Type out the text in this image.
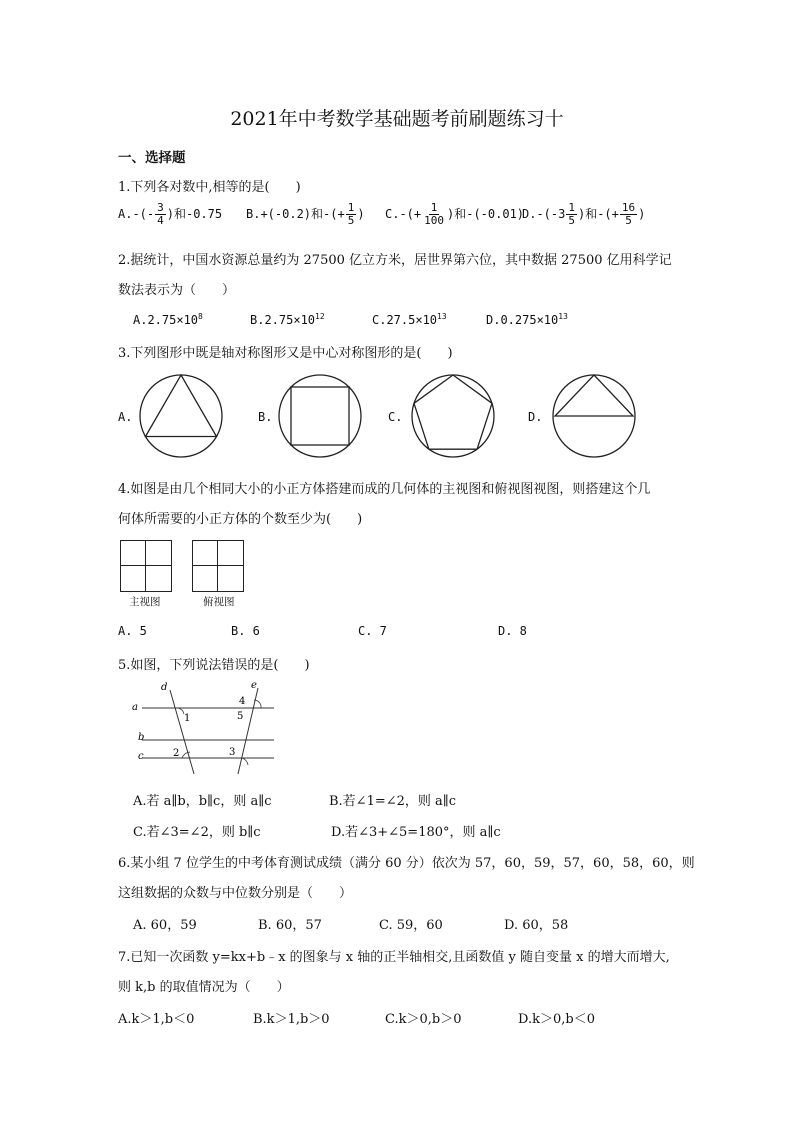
2021年中考数学基础题考前刷题练习十
一、选择题
1.下列各对数中,相等的是(　　)
$A.-(- \frac{3}{4}$ )和-0.75 B.+(-0.2)和-(+ $\frac{1}{5}$ ) $C.-(+ \frac{1}{100}$ )和-(-0.01)
$D.-(-3 \frac{1}{5}$ )和-(+ $\frac{16}{5}$ )
2.据统计，中国水资源总量约为 27500 亿立方米，居世界第六位，其中数据 27500 亿用科学记
数法表示为（　　）
$A.2.75\times 10^8$	$B.2.75\times 10^{12}$	$C.27.5\times 10^{13}$	$D.0.275\times 10^{13}$
3.下列图形中既是轴对称图形又是中心对称图形的是(　　)
A.	B.	C.	D.
4.如图是由几个相同大小的小正方体搭建而成的几何体的主视图和俯视图视图，则搭建这个几
何体所需要的小正方体的个数至少为(　　)
主视图	俯视图
A. 5	B. 6	C. 7	D. 8
5.如图，下列说法错误的是(　　)
d	e
a
b
c
1
2	3
4
5
A.若 a∥b，b∥c，则 a∥c	B.若∠1=∠2，则 a∥c
C.若∠3=∠2，则 b∥c	D.若∠3+∠5=180°，则 a∥c
6.某小组 7 位学生的中考体育测试成绩（满分 60 分）依次为 57，60，59，57，60，58，60，则
这组数据的众数与中位数分别是（　　）
A. 60，59	B. 60，57	C. 59，60	D. 60，58
7.已知一次函数 y=kx+b﹣x 的图象与 x 轴的正半轴相交,且函数值 y 随自变量 x 的增大而增大,
则 k,b 的取值情况为（　　）
A.k＞1,b＜0	B.k＞1,b＞0	C.k＞0,b＞0	D.k＞0,b＜0
